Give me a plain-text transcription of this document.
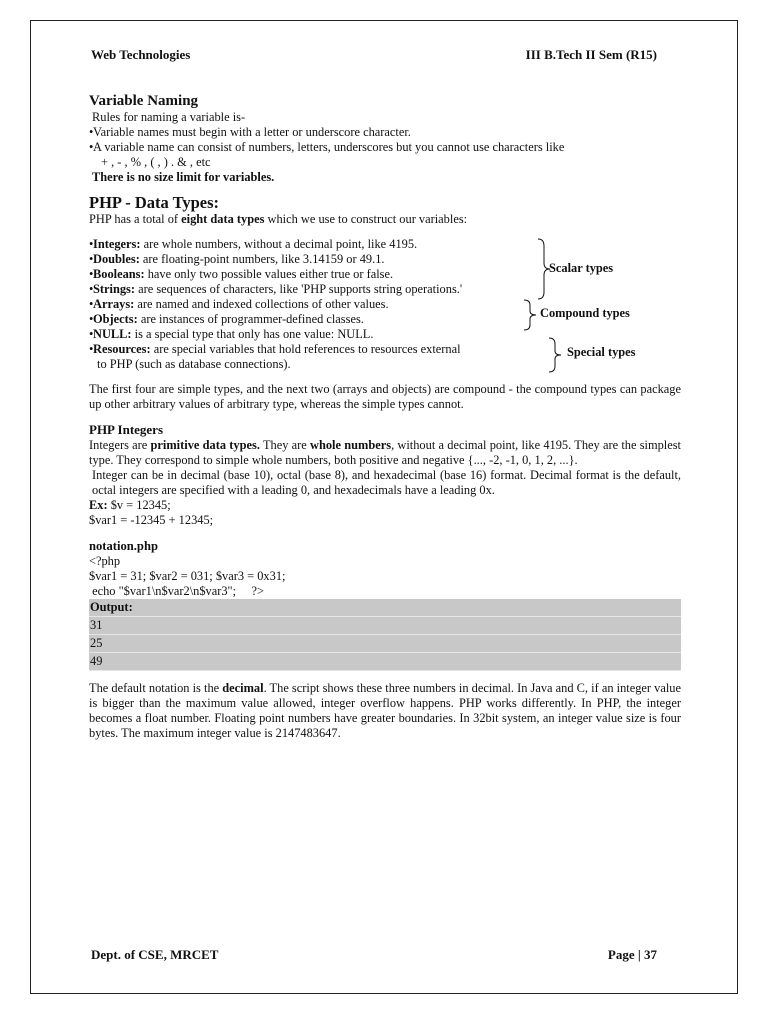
Web Technologies	III B.Tech II Sem (R15)
Variable Naming

Rules for naming a variable is-

• Variable names must begin with a letter or underscore character.

• A variable name can consist of numbers, letters, underscores but you cannot use characters like

+ , - , % , ( , ) . & , etc

There is no size limit for variables.

PHP - Data Types:

PHP has a total of eight data types which we use to construct our variables:

• Integers: are whole numbers, without a decimal point, like 4195.

• Doubles: are floating-point numbers, like 3.14159 or 49.1.

• Booleans: have only two possible values either true or false.

• Strings: are sequences of characters, like 'PHP supports string operations.'

• Arrays: are named and indexed collections of other values.

• Objects: are instances of programmer-defined classes.

• NULL: is a special type that only has one value: NULL.

• Resources: are special variables that hold references to resources external

to PHP (such as database connections).

Scalar types
Compound types
Special types

The first four are simple types, and the next two (arrays and objects) are compound - the compound types can package up other arbitrary values of arbitrary type, whereas the simple types cannot.

PHP Integers

Integers are primitive data types. They are whole numbers, without a decimal point, like 4195. They are the simplest type. They correspond to simple whole numbers, both positive and negative {..., -2, -1, 0, 1, 2, ...}.

Integer can be in decimal (base 10), octal (base 8), and hexadecimal (base 16) format. Decimal format is the default, octal integers are specified with a leading 0, and hexadecimals have a leading 0x.

Ex: $v = 12345;

$var1 = -12345 + 12345;

notation.php

<?php

$var1 = 31; $var2 = 031; $var3 = 0x31;

echo "$var1\n$var2\n$var3";     ?>

Output:
31
25
49

The default notation is the decimal. The script shows these three numbers in decimal. In Java and C, if an integer value is bigger than the maximum value allowed, integer overflow happens. PHP works differently. In PHP, the integer becomes a float number. Floating point numbers have greater boundaries. In 32bit system, an integer value size is four bytes. The maximum integer value is 2147483647.

Dept. of CSE, MRCET	Page | 37
